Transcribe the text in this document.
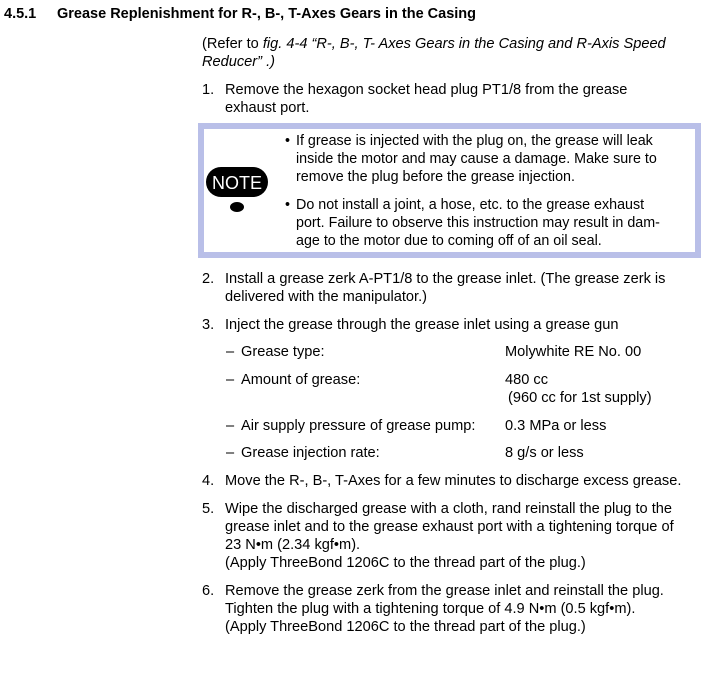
4.5.1 Grease Replenishment for R-, B-, T-Axes Gears in the Casing
(Refer to fig. 4-4 “R-, B-, T- Axes Gears in the Casing and R-Axis Speed
Reducer” .)
1. Remove the hexagon socket head plug PT1/8 from the grease
exhaust port.
NOTE
• If grease is injected with the plug on, the grease will leak
inside the motor and may cause a damage. Make sure to
remove the plug before the grease injection.
• Do not install a joint, a hose, etc. to the grease exhaust
port. Failure to observe this instruction may result in dam-
age to the motor due to coming off of an oil seal.
2. Install a grease zerk A-PT1/8 to the grease inlet. (The grease zerk is
delivered with the manipulator.)
3. Inject the grease through the grease inlet using a grease gun
– Grease type:	Molywhite RE No. 00
– Amount of grease:	480 cc
(960 cc for 1st supply)
– Air supply pressure of grease pump: 0.3 MPa or less
– Grease injection rate:	8 g/s or less
4. Move the R-, B-, T-Axes for a few minutes to discharge excess grease.
5. Wipe the discharged grease with a cloth, rand reinstall the plug to the
grease inlet and to the grease exhaust port with a tightening torque of
23 N•m (2.34 kgf•m).
(Apply ThreeBond 1206C to the thread part of the plug.)
6. Remove the grease zerk from the grease inlet and reinstall the plug.
Tighten the plug with a tightening torque of 4.9 N•m (0.5 kgf•m).
(Apply ThreeBond 1206C to the thread part of the plug.)
